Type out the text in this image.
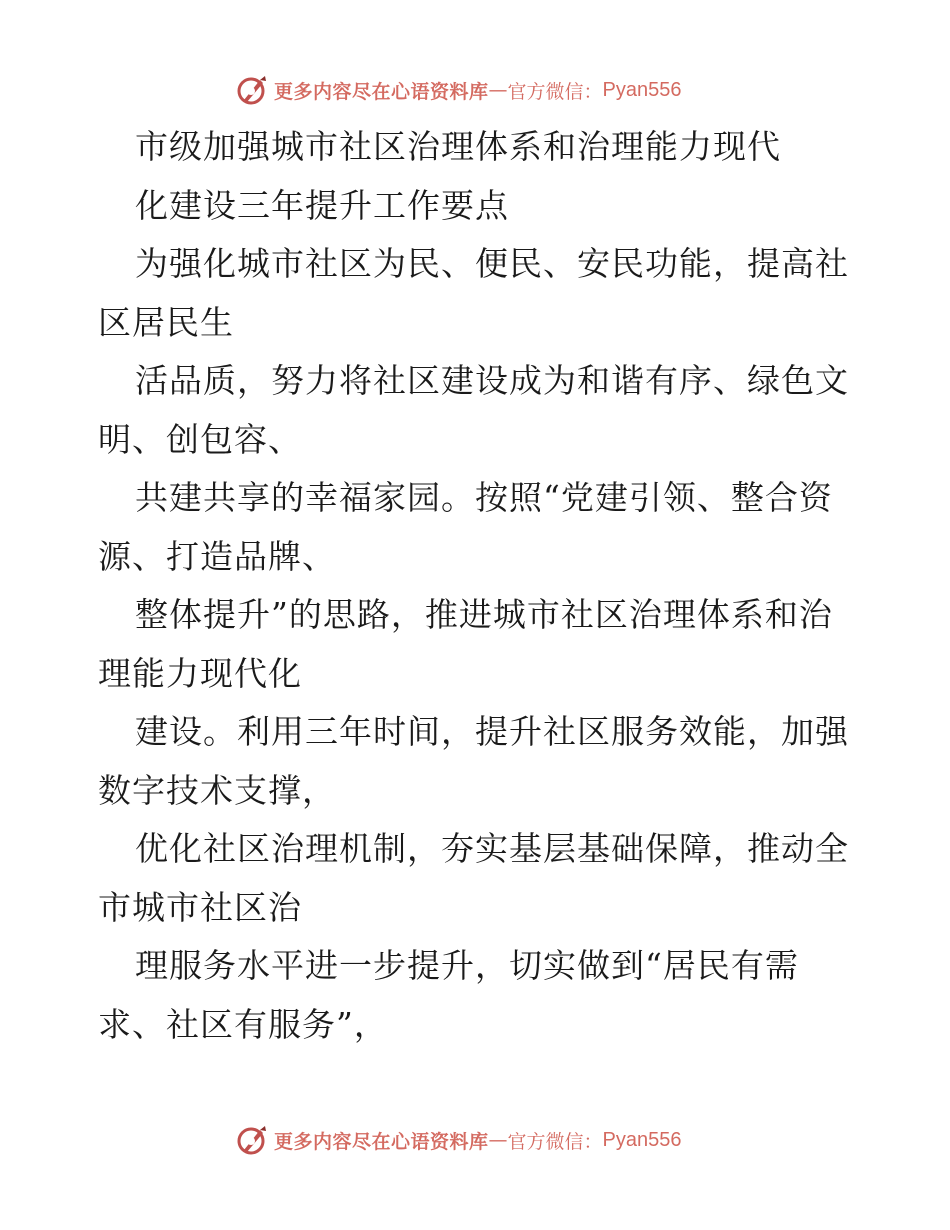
更多内容尽在心语资料库 — 官方微信： Pyan556
市级加强城市社区治理体系和治理能力现代
化建设三年提升工作要点
为强化城市社区为民、便民、安民功能，提高社
区居民生
活品质，努力将社区建设成为和谐有序、绿色文
明、创包容、
共建共享的幸福家园。按照“党建引领、整合资
源、打造品牌、
整体提升”的思路，推进城市社区治理体系和治
理能力现代化
建设。利用三年时间，提升社区服务效能，加强
数字技术支撑，
优化社区治理机制，夯实基层基础保障，推动全
市城市社区治
理服务水平进一步提升，切实做到“居民有需
求、社区有服务”，
更多内容尽在心语资料库 — 官方微信： Pyan556
